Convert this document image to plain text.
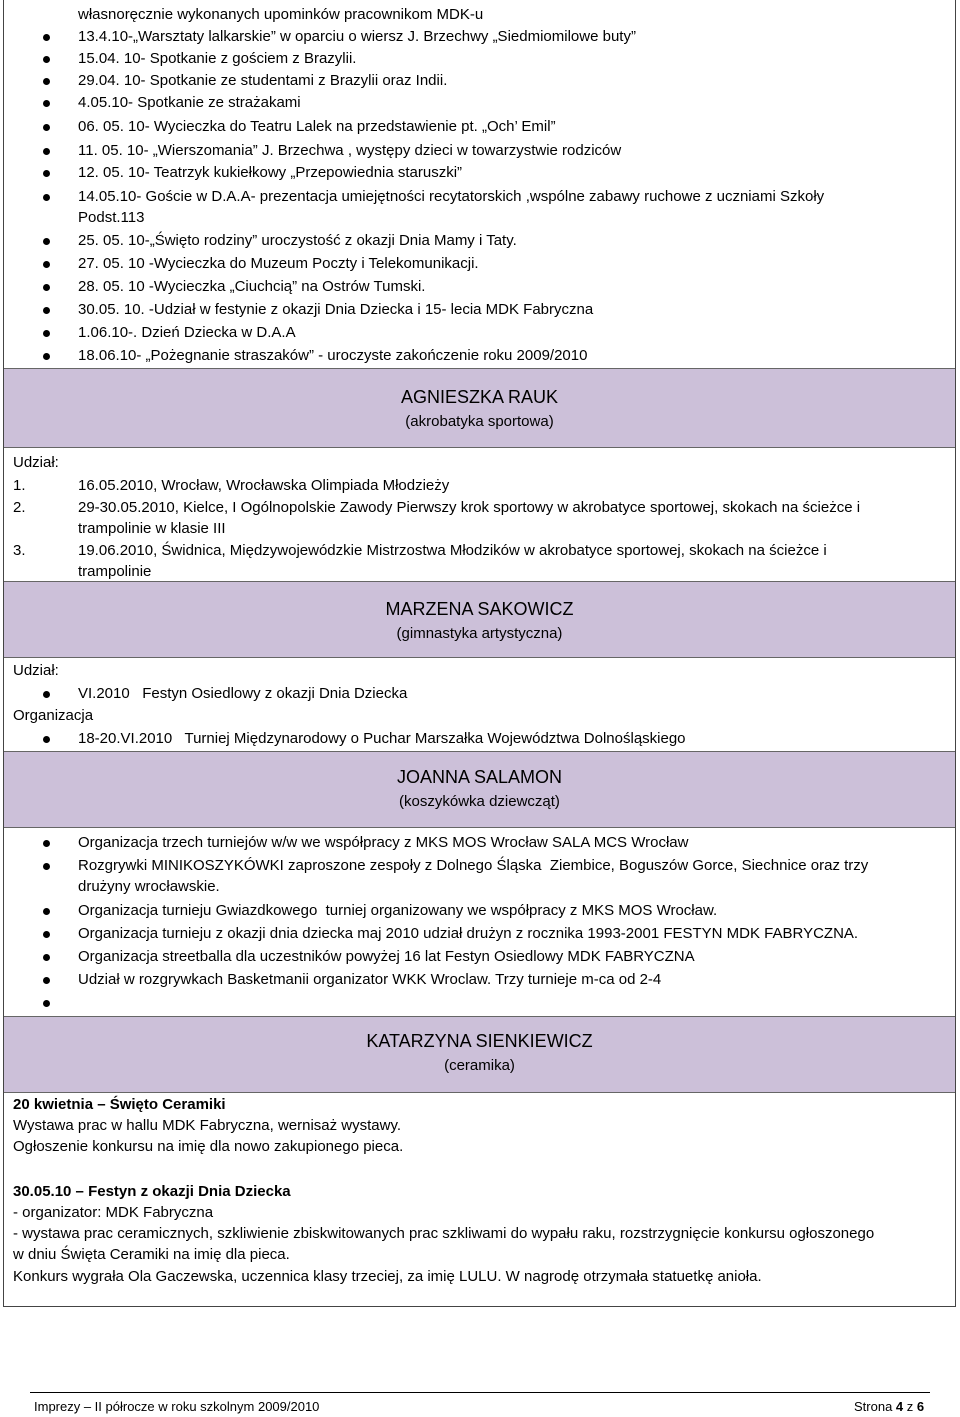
własnoręcznie wykonanych upominków pracownikom MDK-u
13.4.10-„Warsztaty lalkarskie” w oparciu o wiersz J. Brzechwy „Siedmiomilowe buty”
15.04. 10- Spotkanie z gościem z Brazylii.
29.04. 10- Spotkanie ze studentami z Brazylii oraz Indii.
4.05.10- Spotkanie ze strażakami
06. 05. 10- Wycieczka do Teatru Lalek na przedstawienie pt. „Och’ Emil”
11. 05. 10- „Wierszomania” J. Brzechwa , występy dzieci w towarzystwie rodziców
12. 05. 10- Teatrzyk kukiełkowy „Przepowiednia staruszki”
14.05.10- Goście w D.A.A- prezentacja umiejętności recytatorskich ,wspólne zabawy ruchowe z uczniami Szkoły
Podst.113
25. 05. 10-„Święto rodziny” uroczystość z okazji Dnia Mamy i Taty.
27. 05. 10 -Wycieczka do Muzeum Poczty i Telekomunikacji.
28. 05. 10 -Wycieczka „Ciuchcią” na Ostrów Tumski.
30.05. 10. -Udział w festynie z okazji Dnia Dziecka i 15- lecia MDK Fabryczna
1.06.10-. Dzień Dziecka w D.A.A
18.06.10- „Pożegnanie straszaków” - uroczyste zakończenie roku 2009/2010
AGNIESZKA RAUK
(akrobatyka sportowa)
Udział:
1.	16.05.2010, Wrocław, Wrocławska Olimpiada Młodzieży
2.	29-30.05.2010, Kielce, I Ogólnopolskie Zawody Pierwszy krok sportowy w akrobatyce sportowej, skokach na ścieżce i
trampolinie w klasie III
3.	19.06.2010, Świdnica, Międzywojewódzkie Mistrzostwa Młodzików w akrobatyce sportowej, skokach na ścieżce i
trampolinie
MARZENA SAKOWICZ
(gimnastyka artystyczna)
Udział:
VI.2010   Festyn Osiedlowy z okazji Dnia Dziecka
Organizacja
18-20.VI.2010   Turniej Międzynarodowy o Puchar Marszałka Województwa Dolnośląskiego
JOANNA SALAMON
(koszykówka dziewcząt)
Organizacja trzech turniejów w/w we współpracy z MKS MOS Wrocław SALA MCS Wrocław
Rozgrywki MINIKOSZYKÓWKI zaproszone zespoły z Dolnego Śląska  Ziembice, Boguszów Gorce, Siechnice oraz trzy
drużyny wrocławskie.
Organizacja turnieju Gwiazdkowego  turniej organizowany we współpracy z MKS MOS Wrocław.
Organizacja turnieju z okazji dnia dziecka maj 2010 udział drużyn z rocznika 1993-2001 FESTYN MDK FABRYCZNA.
Organizacja streetballa dla uczestników powyżej 16 lat Festyn Osiedlowy MDK FABRYCZNA
Udział w rozgrywkach Basketmanii organizator WKK Wroclaw. Trzy turnieje m-ca od 2-4
KATARZYNA SIENKIEWICZ
(ceramika)
20 kwietnia – Święto Ceramiki
Wystawa prac w hallu MDK Fabryczna, wernisaż wystawy.
Ogłoszenie konkursu na imię dla nowo zakupionego pieca.
30.05.10 – Festyn z okazji Dnia Dziecka
- organizator: MDK Fabryczna
- wystawa prac ceramicznych, szkliwienie zbiskwitowanych prac szkliwami do wypału raku, rozstrzygnięcie konkursu ogłoszonego
w dniu Święta Ceramiki na imię dla pieca.
Konkurs wygrała Ola Gaczewska, uczennica klasy trzeciej, za imię LULU. W nagrodę otrzymała statuetkę anioła.
Imprezy – II półrocze w roku szkolnym 2009/2010	Strona 4 z 6
